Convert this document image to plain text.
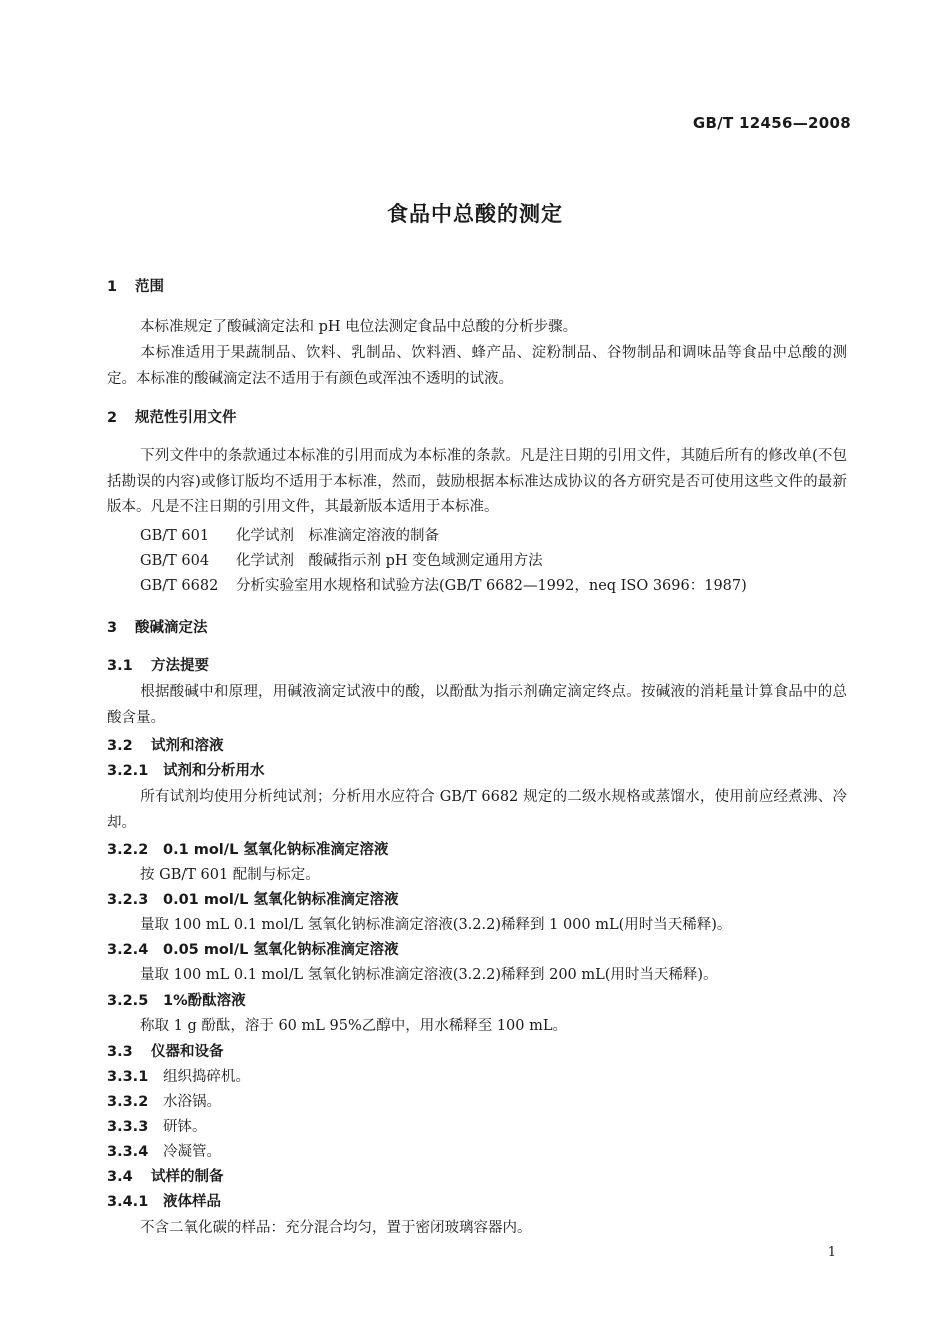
GB/T 12456—2008
食品中总酸的测定
1 范围
本标准规定了酸碱滴定法和 pH 电位法测定食品中总酸的分析步骤。
本标准适用于果蔬制品、饮料、乳制品、饮料酒、蜂产品、淀粉制品、谷物制品和调味品等食品中总酸的测定。本标准的酸碱滴定法不适用于有颜色或浑浊不透明的试液。
2 规范性引用文件
下列文件中的条款通过本标准的引用而成为本标准的条款。凡是注日期的引用文件，其随后所有的修改单(不包括勘误的内容)或修订版均不适用于本标准，然而，鼓励根据本标准达成协议的各方研究是否可使用这些文件的最新版本。凡是不注日期的引用文件，其最新版本适用于本标准。
GB/T 601 化学试剂　标准滴定溶液的制备
GB/T 604 化学试剂　酸碱指示剂 pH 变色域测定通用方法
GB/T 6682 分析实验室用水规格和试验方法(GB/T 6682—1992，neq ISO 3696：1987)
3 酸碱滴定法
3.1 方法提要
根据酸碱中和原理，用碱液滴定试液中的酸，以酚酞为指示剂确定滴定终点。按碱液的消耗量计算食品中的总酸含量。
3.2 试剂和溶液
3.2.1 试剂和分析用水
所有试剂均使用分析纯试剂；分析用水应符合 GB/T 6682 规定的二级水规格或蒸馏水，使用前应经煮沸、冷却。
3.2.2 0.1 mol/L 氢氧化钠标准滴定溶液
按 GB/T 601 配制与标定。
3.2.3 0.01 mol/L 氢氧化钠标准滴定溶液
量取 100 mL 0.1 mol/L 氢氧化钠标准滴定溶液(3.2.2)稀释到 1 000 mL(用时当天稀释)。
3.2.4 0.05 mol/L 氢氧化钠标准滴定溶液
量取 100 mL 0.1 mol/L 氢氧化钠标准滴定溶液(3.2.2)稀释到 200 mL(用时当天稀释)。
3.2.5 1%酚酞溶液
称取 1 g 酚酞，溶于 60 mL 95%乙醇中，用水稀释至 100 mL。
3.3 仪器和设备
3.3.1 组织捣碎机。
3.3.2 水浴锅。
3.3.3 研钵。
3.3.4 冷凝管。
3.4 试样的制备
3.4.1 液体样品
不含二氧化碳的样品：充分混合均匀，置于密闭玻璃容器内。
1
